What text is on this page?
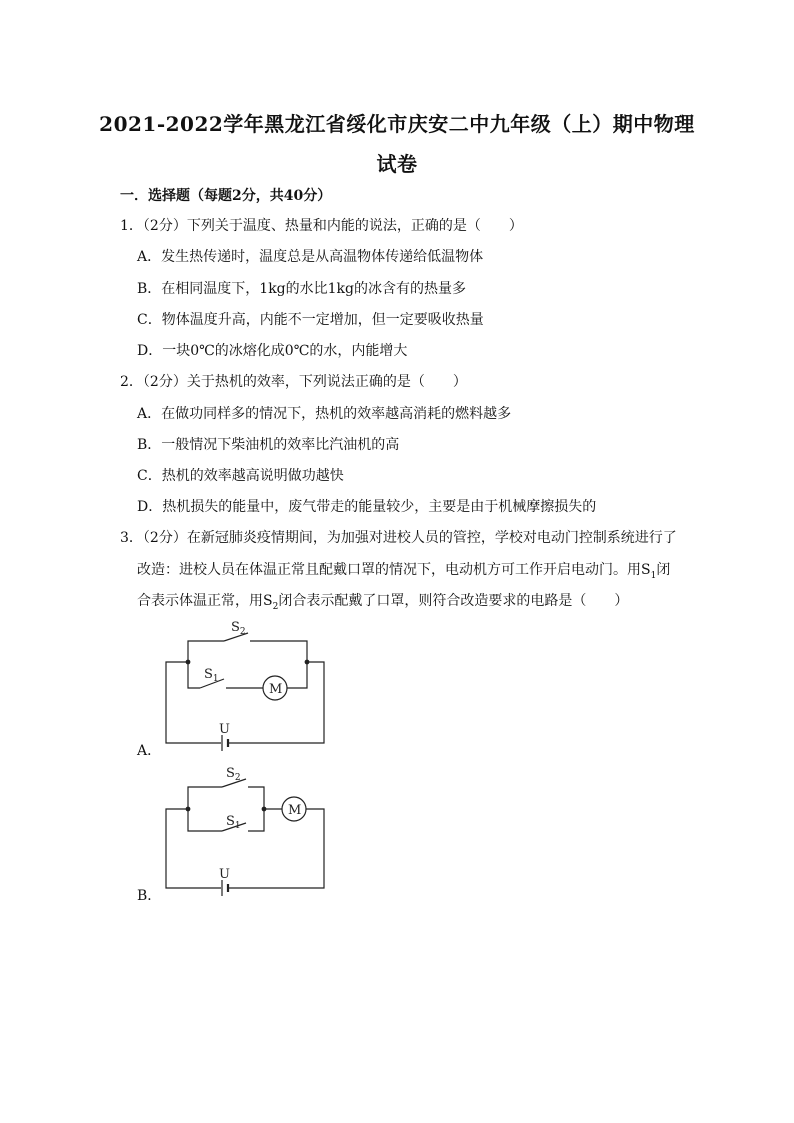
2021-2022学年黑龙江省绥化市庆安二中九年级（上）期中物理
试卷
一．选择题（每题2分，共40分）
1．（2分）下列关于温度、热量和内能的说法，正确的是（　　）
A．发生热传递时，温度总是从高温物体传递给低温物体
B．在相同温度下，1kg的水比1kg的冰含有的热量多
C．物体温度升高，内能不一定增加，但一定要吸收热量
D．一块0℃的冰熔化成0℃的水，内能增大
2．（2分）关于热机的效率，下列说法正确的是（　　）
A．在做功同样多的情况下，热机的效率越高消耗的燃料越多
B．一般情况下柴油机的效率比汽油机的高
C．热机的效率越高说明做功越快
D．热机损失的能量中，废气带走的能量较少，主要是由于机械摩擦损失的
3．（2分）在新冠肺炎疫情期间，为加强对进校人员的管控，学校对电动门控制系统进行了
改造：进校人员在体温正常且配戴口罩的情况下，电动机方可工作开启电动门。用$S_1$闭
合表示体温正常，用$S_2$闭合表示配戴了口罩，则符合改造要求的电路是（　　）
A．
U
$S_2$
M
$S_1$
B．
U
$S_2$
$S_1$
M
